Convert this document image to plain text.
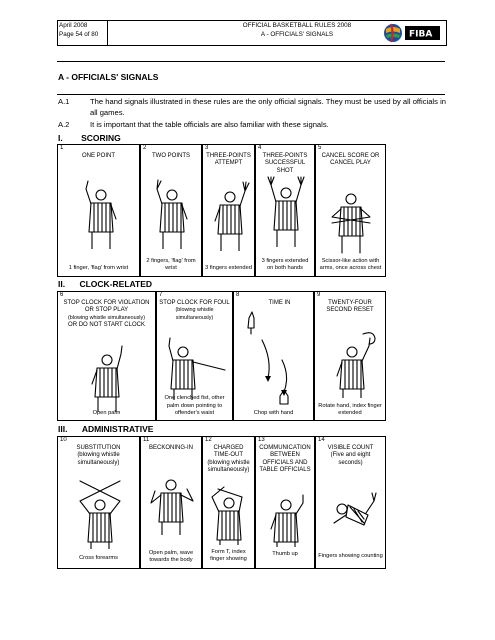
April 2008
Page 54 of 80
OFFICIAL BASKETBALL RULES 2008
A - OFFICIALS' SIGNALS	FIBA
A - OFFICIALS' SIGNALS
A.1	The hand signals illustrated in these rules are the only official signals. They must be used by all officials in all games.
A.2	It is important that the table officials are also familiar with these signals.
I. SCORING
1
ONE POINT
1 finger, 'flag' from wrist
2
TWO POINTS
2 fingers, 'flag' from wrist
3
THREE-POINTS ATTEMPT
3 fingers extended
4
THREE-POINTS SUCCESSFUL SHOT
3 fingers extended on both hands
5
CANCEL SCORE OR CANCEL PLAY
Scissor-like action with arms, once across chest
II. CLOCK-RELATED
6
STOP CLOCK FOR VIOLATION OR STOP PLAY
(blowing whistle simultaneously)
OR DO NOT START CLOCK
Open palm
7
STOP CLOCK FOR FOUL
(blowing whistle simultaneously)
One clenched fist, other palm down pointing to offender's waist
8
TIME IN
Chop with hand
9
TWENTY-FOUR SECOND RESET
Rotate hand, index finger extended
III. ADMINISTRATIVE
10
SUBSTITUTION
(blowing whistle simultaneously)
Cross forearms
11
BECKONING-IN
Open palm, wave towards the body
12
CHARGED TIME-OUT
(blowing whistle simultaneously)
Form T, index finger showing
13
COMMUNICATION BETWEEN OFFICIALS AND TABLE OFFICIALS
Thumb up
14
VISIBLE COUNT
(Five and eight seconds)
Fingers showing counting
